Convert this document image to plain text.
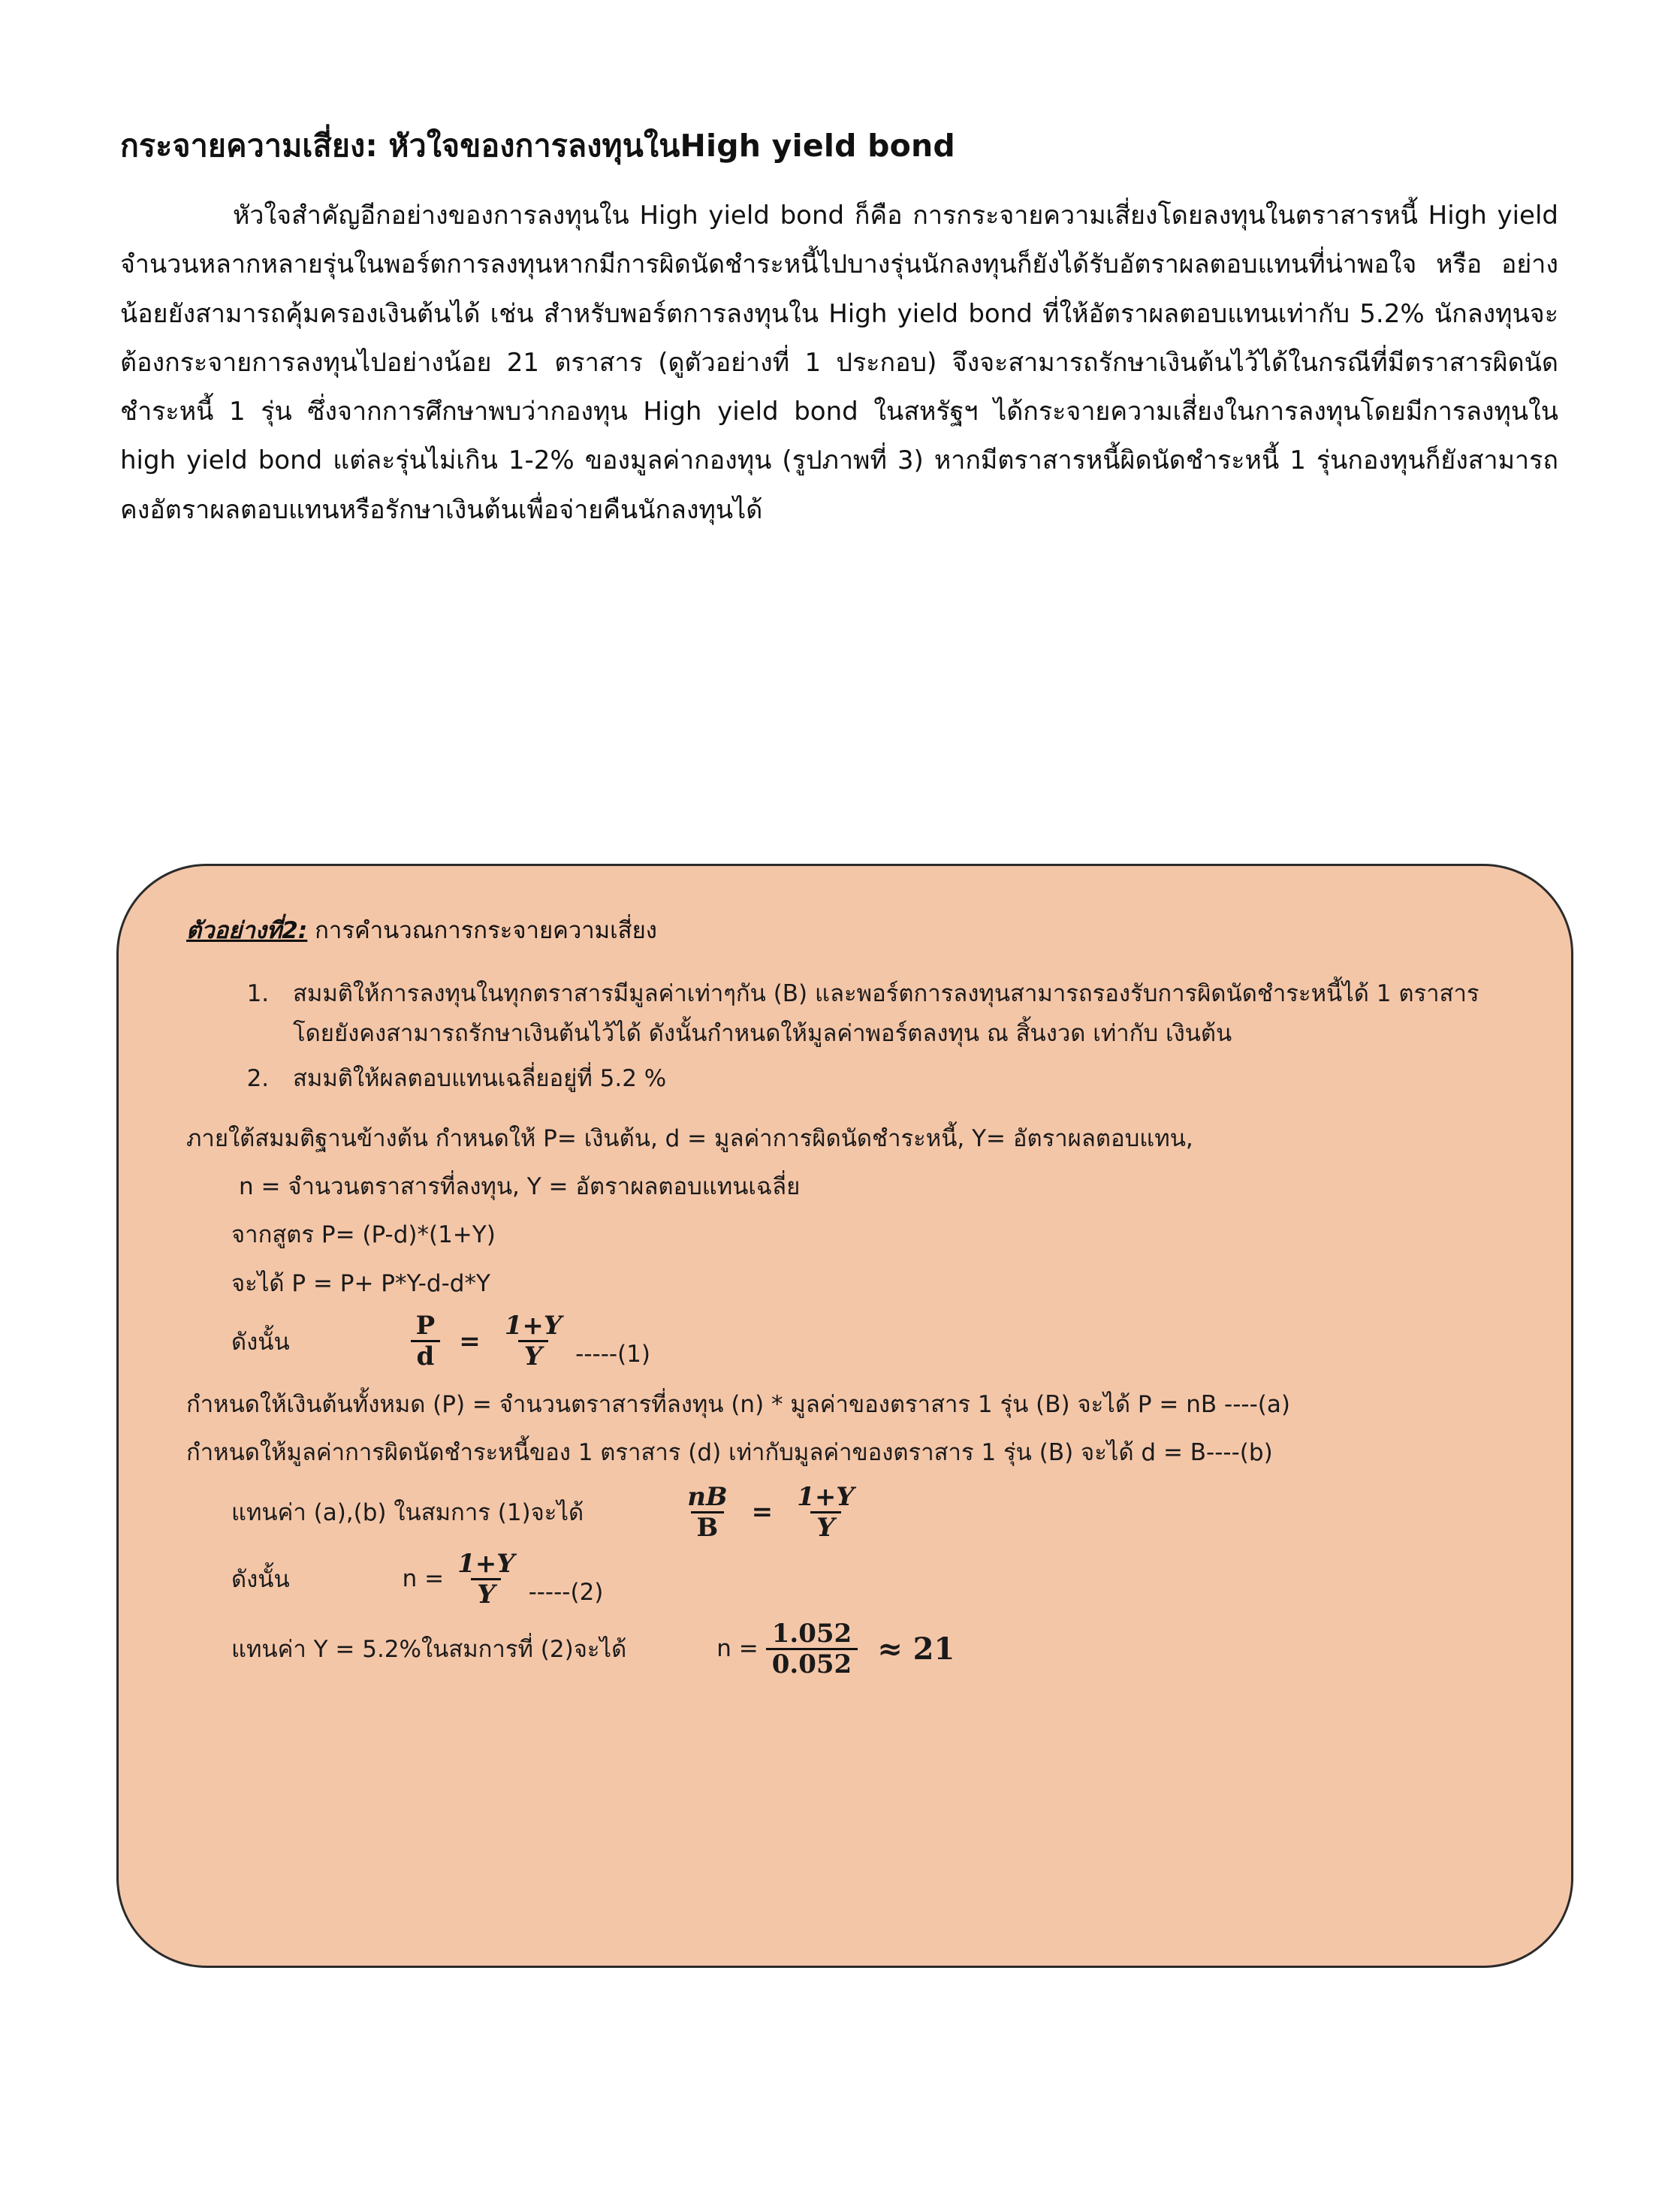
กระจายความเสี่ยง: หัวใจของการลงทุนในHigh yield bond
หัวใจสำคัญอีกอย่างของการลงทุนใน High yield bond ก็คือ การกระจายความเสี่ยงโดยลงทุนในตราสารหนี้ High yield จำนวนหลากหลายรุ่นในพอร์ตการลงทุนหากมีการผิดนัดชำระหนี้ไปบางรุ่นนักลงทุนก็ยังได้รับอัตราผลตอบแทนที่น่าพอใจ หรือ อย่างน้อยยังสามารถคุ้มครองเงินต้นได้ เช่น สำหรับพอร์ตการลงทุนใน High yield bond ที่ให้อัตราผลตอบแทนเท่ากับ 5.2% นักลงทุนจะต้องกระจายการลงทุนไปอย่างน้อย 21 ตราสาร (ดูตัวอย่างที่ 1 ประกอบ) จึงจะสามารถรักษาเงินต้นไว้ได้ในกรณีที่มีตราสารผิดนัดชำระหนี้ 1 รุ่น ซึ่งจากการศึกษาพบว่ากองทุน High yield bond ในสหรัฐฯ ได้กระจายความเสี่ยงในการลงทุนโดยมีการลงทุนใน high yield bond แต่ละรุ่นไม่เกิน 1-2% ของมูลค่ากองทุน (รูปภาพที่ 3) หากมีตราสารหนี้ผิดนัดชำระหนี้ 1 รุ่นกองทุนก็ยังสามารถคงอัตราผลตอบแทนหรือรักษาเงินต้นเพื่อจ่ายคืนนักลงทุนได้
ตัวอย่างที่2: การคำนวณการกระจายความเสี่ยง
1. สมมติให้การลงทุนในทุกตราสารมีมูลค่าเท่าๆกัน (B) และพอร์ตการลงทุนสามารถรองรับการผิดนัดชำระหนี้ได้ 1 ตราสารโดยยังคงสามารถรักษาเงินต้นไว้ได้ ดังนั้นกำหนดให้มูลค่าพอร์ตลงทุน ณ สิ้นงวด เท่ากับ เงินต้น
2. สมมติให้ผลตอบแทนเฉลี่ยอยู่ที่ 5.2 %
ภายใต้สมมติฐานข้างต้น กำหนดให้ P= เงินต้น, d = มูลค่าการผิดนัดชำระหนี้, Y= อัตราผลตอบแทน,
n = จำนวนตราสารที่ลงทุน, Y = อัตราผลตอบแทนเฉลี่ย
จากสูตร P= (P-d)*(1+Y)
จะได้ P = P+ P*Y-d-d*Y
ดังนั้น	$\frac{P}{d} = \frac{1+Y}{Y} -----(1)$
กำหนดให้เงินต้นทั้งหมด (P) = จำนวนตราสารที่ลงทุน (n) * มูลค่าของตราสาร 1 รุ่น (B) จะได้ P = nB ----(a)
กำหนดให้มูลค่าการผิดนัดชำระหนี้ของ 1 ตราสาร (d) เท่ากับมูลค่าของตราสาร 1 รุ่น (B) จะได้ d = B----(b)
แทนค่า (a),(b) ในสมการ (1)จะได้	$\frac{nB}{B} = \frac{1+Y}{Y}$
ดังนั้น	$n = \frac{1+Y}{Y} -----(2)$
แทนค่า Y = 5.2%ในสมการที่ (2)จะได้	$n = \frac{1.052}{0.052} \approx 21$
